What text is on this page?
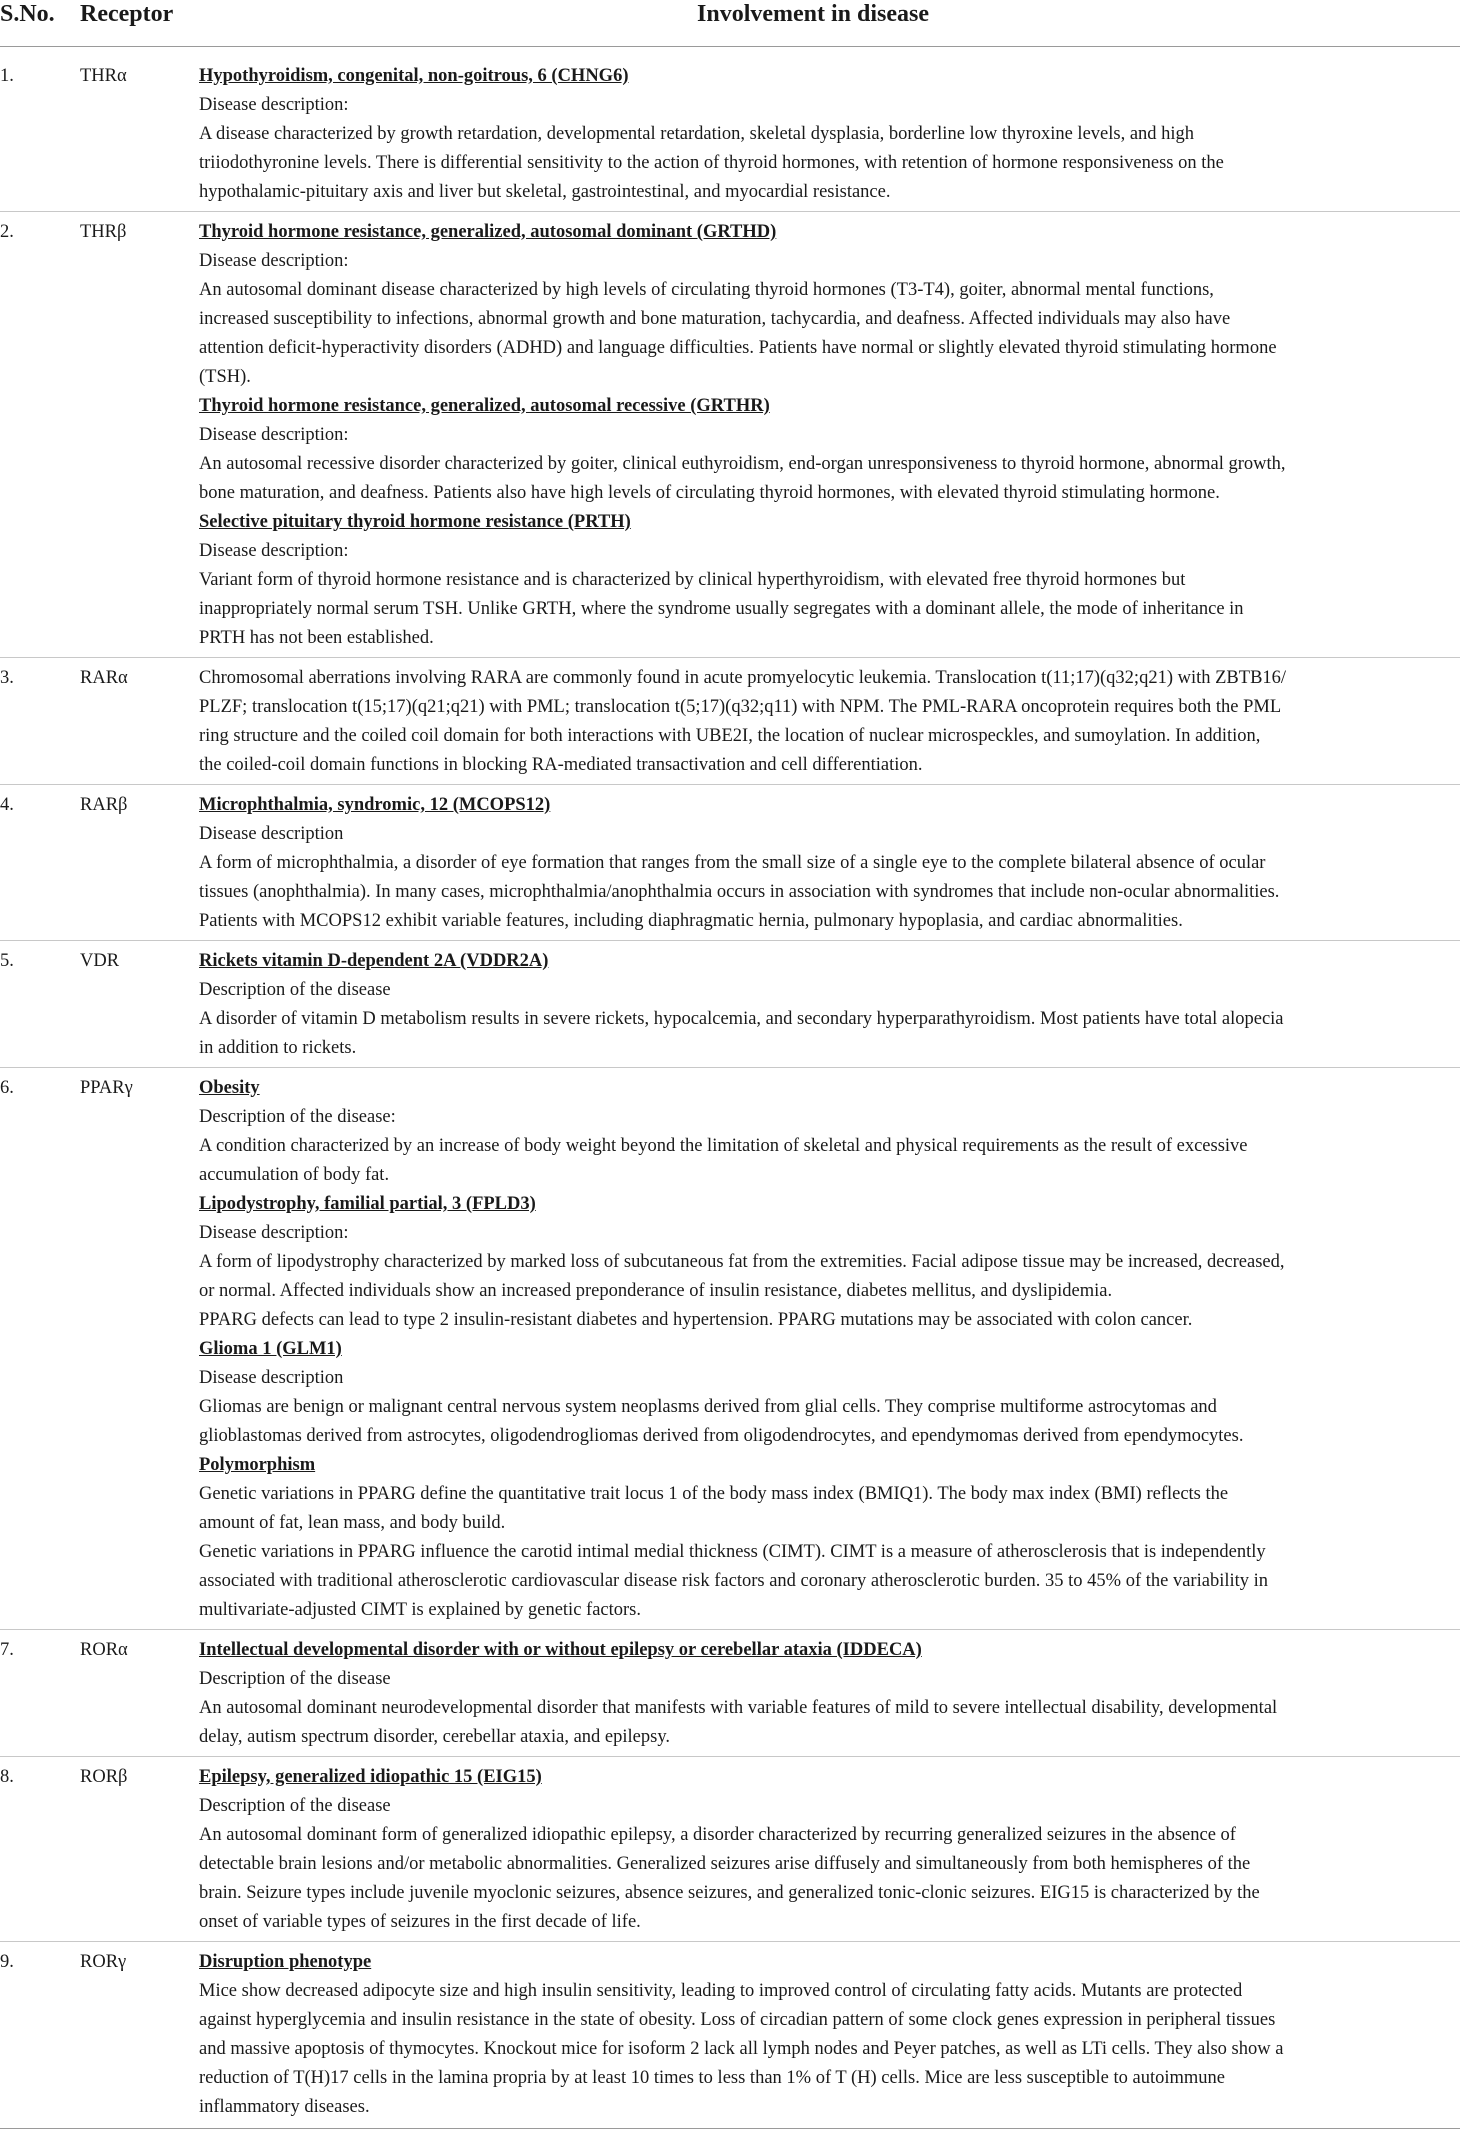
S.No. Receptor	Involvement in disease
1.	THRα	Hypothyroidism, congenital, non-goitrous, 6 (CHNG6)

Disease description:

A disease characterized by growth retardation, developmental retardation, skeletal dysplasia, borderline low thyroxine levels, and high

triiodothyronine levels. There is differential sensitivity to the action of thyroid hormones, with retention of hormone responsiveness on the

hypothalamic-pituitary axis and liver but skeletal, gastrointestinal, and myocardial resistance.

2.	THRβ	Thyroid hormone resistance, generalized, autosomal dominant (GRTHD)

Disease description:

An autosomal dominant disease characterized by high levels of circulating thyroid hormones (T3-T4), goiter, abnormal mental functions,

increased susceptibility to infections, abnormal growth and bone maturation, tachycardia, and deafness. Affected individuals may also have

attention deficit-hyperactivity disorders (ADHD) and language difficulties. Patients have normal or slightly elevated thyroid stimulating hormone

(TSH).

Thyroid hormone resistance, generalized, autosomal recessive (GRTHR)

Disease description:

An autosomal recessive disorder characterized by goiter, clinical euthyroidism, end-organ unresponsiveness to thyroid hormone, abnormal growth,

bone maturation, and deafness. Patients also have high levels of circulating thyroid hormones, with elevated thyroid stimulating hormone.

Selective pituitary thyroid hormone resistance (PRTH)

Disease description:

Variant form of thyroid hormone resistance and is characterized by clinical hyperthyroidism, with elevated free thyroid hormones but

inappropriately normal serum TSH. Unlike GRTH, where the syndrome usually segregates with a dominant allele, the mode of inheritance in

PRTH has not been established.

3.	RARα	Chromosomal aberrations involving RARA are commonly found in acute promyelocytic leukemia. Translocation t(11;17)(q32;q21) with ZBTB16/

PLZF; translocation t(15;17)(q21;q21) with PML; translocation t(5;17)(q32;q11) with NPM. The PML-RARA oncoprotein requires both the PML

ring structure and the coiled coil domain for both interactions with UBE2I, the location of nuclear microspeckles, and sumoylation. In addition,

the coiled-coil domain functions in blocking RA-mediated transactivation and cell differentiation.

4.	RARβ	Microphthalmia, syndromic, 12 (MCOPS12)

Disease description

A form of microphthalmia, a disorder of eye formation that ranges from the small size of a single eye to the complete bilateral absence of ocular

tissues (anophthalmia). In many cases, microphthalmia/anophthalmia occurs in association with syndromes that include non-ocular abnormalities.

Patients with MCOPS12 exhibit variable features, including diaphragmatic hernia, pulmonary hypoplasia, and cardiac abnormalities.

5.	VDR	Rickets vitamin D-dependent 2A (VDDR2A)

Description of the disease

A disorder of vitamin D metabolism results in severe rickets, hypocalcemia, and secondary hyperparathyroidism. Most patients have total alopecia

in addition to rickets.

6.	PPARγ	Obesity

Description of the disease:

A condition characterized by an increase of body weight beyond the limitation of skeletal and physical requirements as the result of excessive

accumulation of body fat.

Lipodystrophy, familial partial, 3 (FPLD3)

Disease description:

A form of lipodystrophy characterized by marked loss of subcutaneous fat from the extremities. Facial adipose tissue may be increased, decreased,

or normal. Affected individuals show an increased preponderance of insulin resistance, diabetes mellitus, and dyslipidemia.

PPARG defects can lead to type 2 insulin-resistant diabetes and hypertension. PPARG mutations may be associated with colon cancer.

Glioma 1 (GLM1)

Disease description

Gliomas are benign or malignant central nervous system neoplasms derived from glial cells. They comprise multiforme astrocytomas and

glioblastomas derived from astrocytes, oligodendrogliomas derived from oligodendrocytes, and ependymomas derived from ependymocytes.

Polymorphism

Genetic variations in PPARG define the quantitative trait locus 1 of the body mass index (BMIQ1). The body max index (BMI) reflects the

amount of fat, lean mass, and body build.

Genetic variations in PPARG influence the carotid intimal medial thickness (CIMT). CIMT is a measure of atherosclerosis that is independently

associated with traditional atherosclerotic cardiovascular disease risk factors and coronary atherosclerotic burden. 35 to 45% of the variability in

multivariate-adjusted CIMT is explained by genetic factors.

7.	RORα	Intellectual developmental disorder with or without epilepsy or cerebellar ataxia (IDDECA)

Description of the disease

An autosomal dominant neurodevelopmental disorder that manifests with variable features of mild to severe intellectual disability, developmental

delay, autism spectrum disorder, cerebellar ataxia, and epilepsy.

8.	RORβ	Epilepsy, generalized idiopathic 15 (EIG15)

Description of the disease

An autosomal dominant form of generalized idiopathic epilepsy, a disorder characterized by recurring generalized seizures in the absence of

detectable brain lesions and/or metabolic abnormalities. Generalized seizures arise diffusely and simultaneously from both hemispheres of the

brain. Seizure types include juvenile myoclonic seizures, absence seizures, and generalized tonic-clonic seizures. EIG15 is characterized by the

onset of variable types of seizures in the first decade of life.

9.	RORγ	Disruption phenotype

Mice show decreased adipocyte size and high insulin sensitivity, leading to improved control of circulating fatty acids. Mutants are protected

against hyperglycemia and insulin resistance in the state of obesity. Loss of circadian pattern of some clock genes expression in peripheral tissues

and massive apoptosis of thymocytes. Knockout mice for isoform 2 lack all lymph nodes and Peyer patches, as well as LTi cells. They also show a

reduction of T(H)17 cells in the lamina propria by at least 10 times to less than 1% of T (H) cells. Mice are less susceptible to autoimmune

inflammatory diseases.
